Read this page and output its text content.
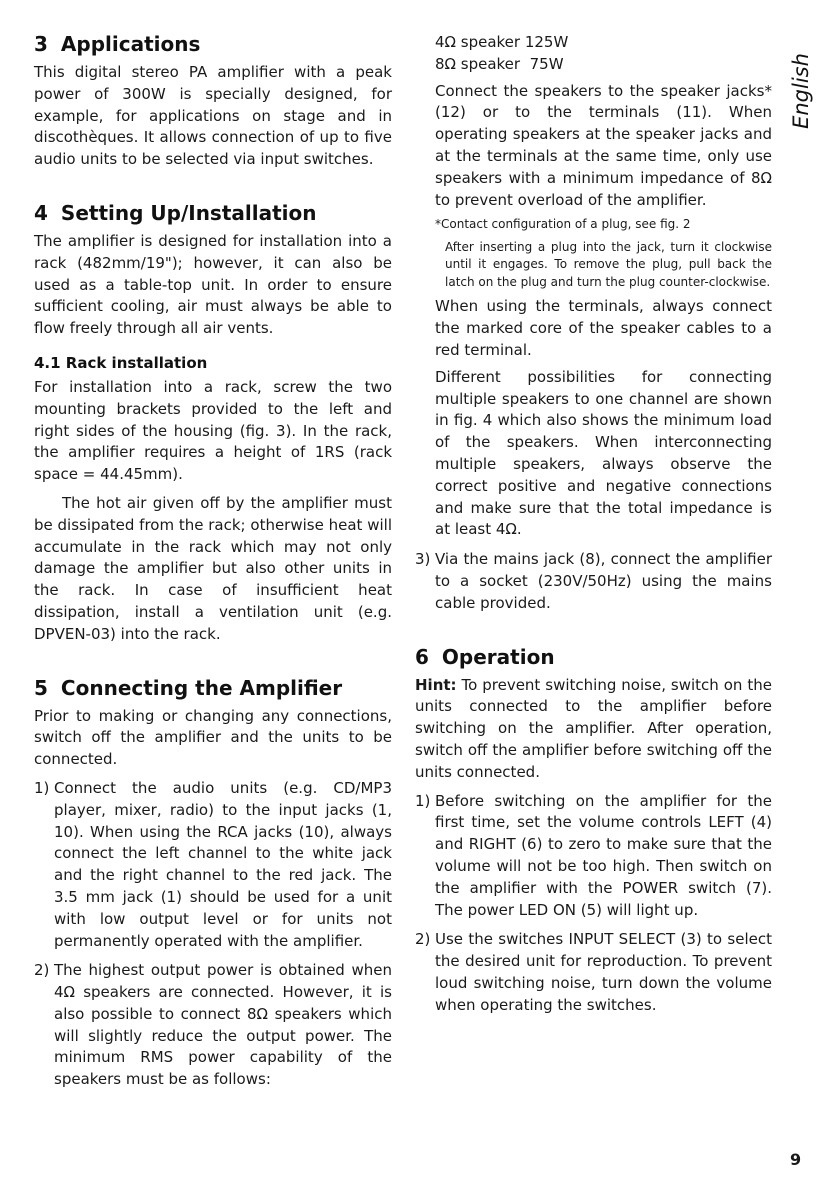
3 Applications

This digital stereo PA amplifier with a peak power of 300W is specially designed, for example, for applications on stage and in discothèques. It allows connection of up to five audio units to be selected via input switches.

4 Setting Up/Installation

The amplifier is designed for installation into a rack (482mm/19"); however, it can also be used as a table-top unit. In order to ensure sufficient cooling, air must always be able to flow freely through all air vents.

4.1 Rack installation

For installation into a rack, screw the two mounting brackets provided to the left and right sides of the housing (fig. 3). In the rack, the amplifier requires a height of 1RS (rack space = 44.45mm).

The hot air given off by the amplifier must be dissipated from the rack; otherwise heat will accumulate in the rack which may not only damage the amplifier but also other units in the rack. In case of insufficient heat dissipation, install a ventilation unit (e.g. DPVEN-03) into the rack.

5 Connecting the Amplifier

Prior to making or changing any connections, switch off the amplifier and the units to be connected.

1) Connect the audio units (e.g. CD/MP3 player, mixer, radio) to the input jacks (1, 10). When using the RCA jacks (10), always connect the left channel to the white jack and the right channel to the red jack. The 3.5 mm jack (1) should be used for a unit with low output level or for units not permanently operated with the amplifier.
2) The highest output power is obtained when 4Ω speakers are connected. However, it is also possible to connect 8Ω speakers which will slightly reduce the output power. The minimum RMS power capability of the speakers must be as follows:
4Ω speaker 125W
8Ω speaker  75W
Connect the speakers to the speaker jacks* (12) or to the terminals (11). When operating speakers at the speaker jacks and at the terminals at the same time, only use speakers with a minimum impedance of 8Ω to prevent overload of the amplifier.
*Contact configuration of a plug, see fig. 2
After inserting a plug into the jack, turn it clockwise until it engages. To remove the plug, pull back the latch on the plug and turn the plug counter-clockwise.
When using the terminals, always connect the marked core of the speaker cables to a red terminal.
Different possibilities for connecting multiple speakers to one channel are shown in fig. 4 which also shows the minimum load of the speakers. When interconnecting multiple speakers, always observe the correct positive and negative connections and make sure that the total impedance is at least 4Ω.
3) Via the mains jack (8), connect the amplifier to a socket (230V/50Hz) using the mains cable provided.
6 Operation

Hint: To prevent switching noise, switch on the units connected to the amplifier before switching on the amplifier. After operation, switch off the amplifier before switching off the units connected.

1) Before switching on the amplifier for the first time, set the volume controls LEFT (4) and RIGHT (6) to zero to make sure that the volume will not be too high. Then switch on the amplifier with the POWER switch (7). The power LED ON (5) will light up.
2) Use the switches INPUT SELECT (3) to select the desired unit for reproduction. To prevent loud switching noise, turn down the volume when operating the switches.
English
9
